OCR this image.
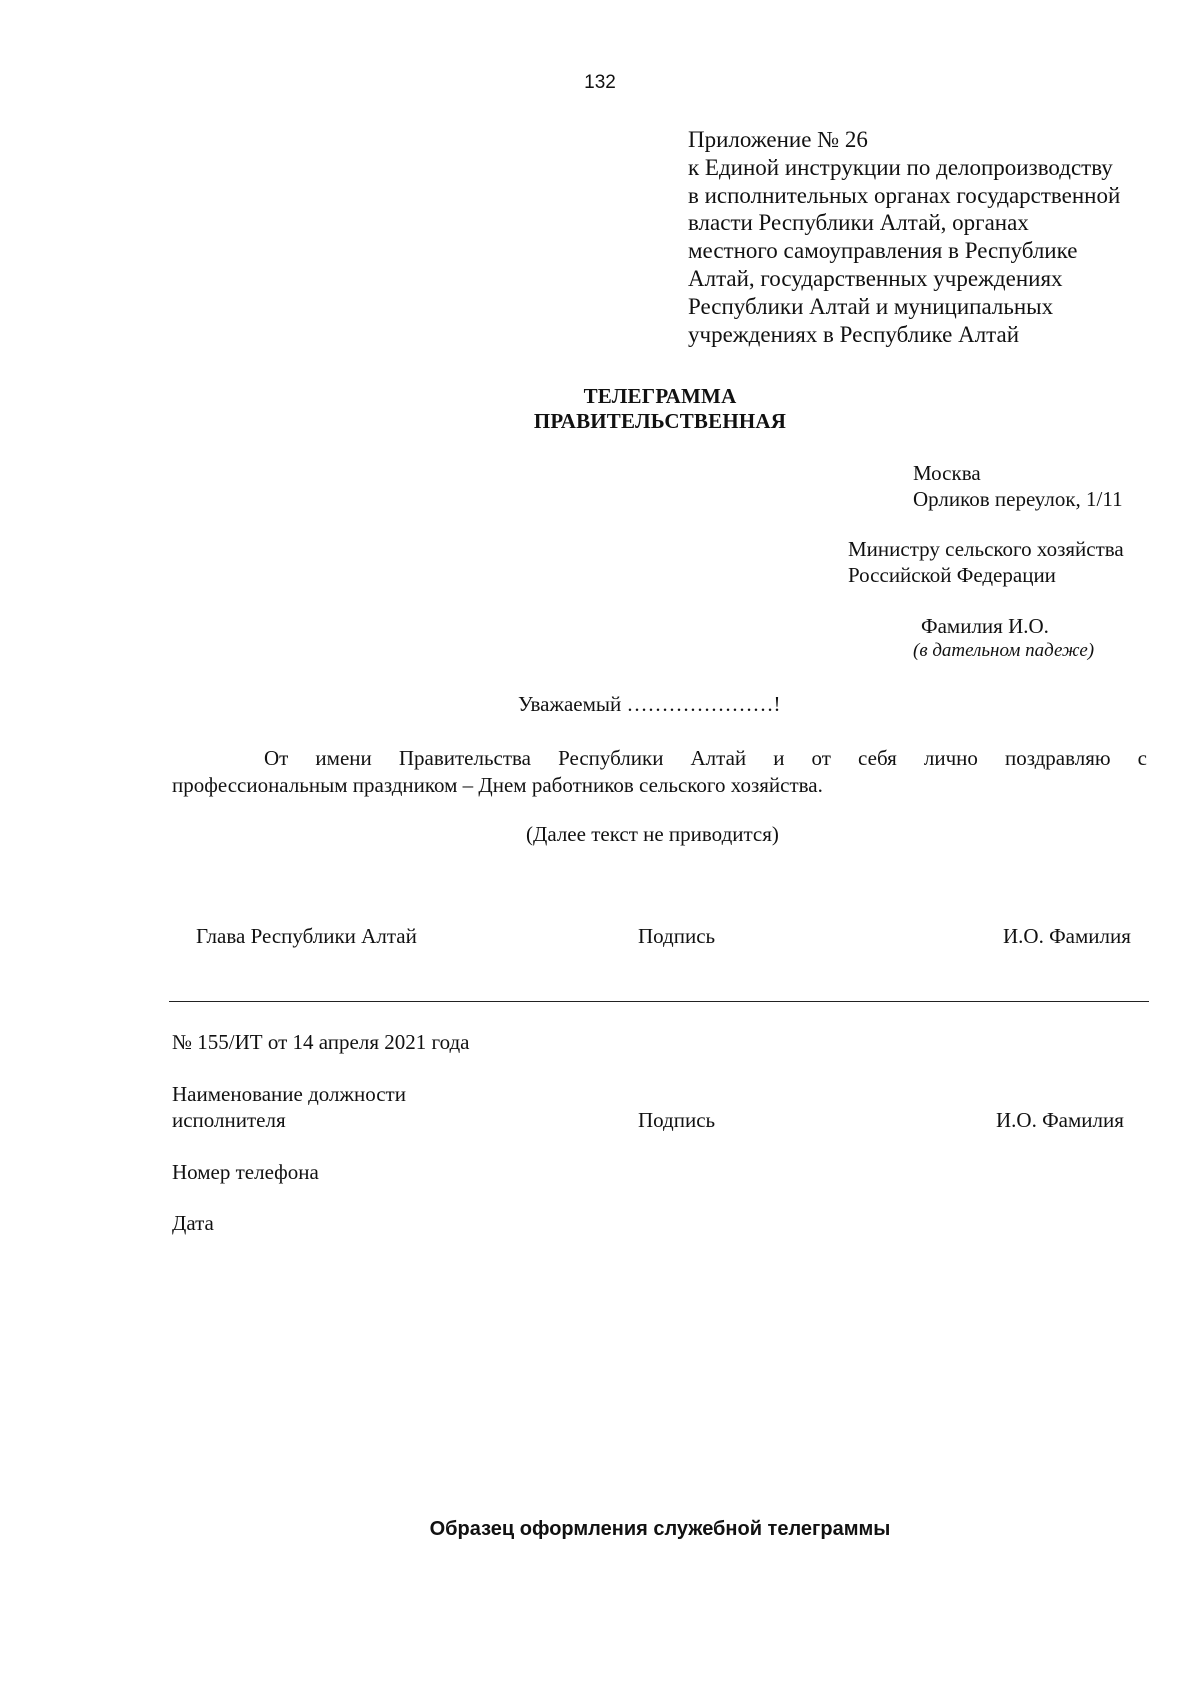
132
Приложение № 26
к Единой инструкции по делопроизводству
в исполнительных органах государственной
власти Республики Алтай, органах
местного самоуправления в Республике
Алтай, государственных учреждениях
Республики Алтай и муниципальных
учреждениях в Республике Алтай
ТЕЛЕГРАММА
ПРАВИТЕЛЬСТВЕННАЯ
Москва
Орликов переулок, 1/11
Министру сельского хозяйства
Российской Федерации
Фамилия И.О.
(в дательном падеже)
Уважаемый …………………!
От имени Правительства Республики Алтай и от себя лично поздравляю с
профессиональным праздником – Днем работников сельского хозяйства.
(Далее текст не приводится)
Глава Республики Алтай	Подпись	И.О. Фамилия
№ 155/ИТ от 14 апреля 2021 года
Наименование должности
исполнителя	Подпись	И.О. Фамилия
Номер телефона
Дата
Образец оформления служебной телеграммы
